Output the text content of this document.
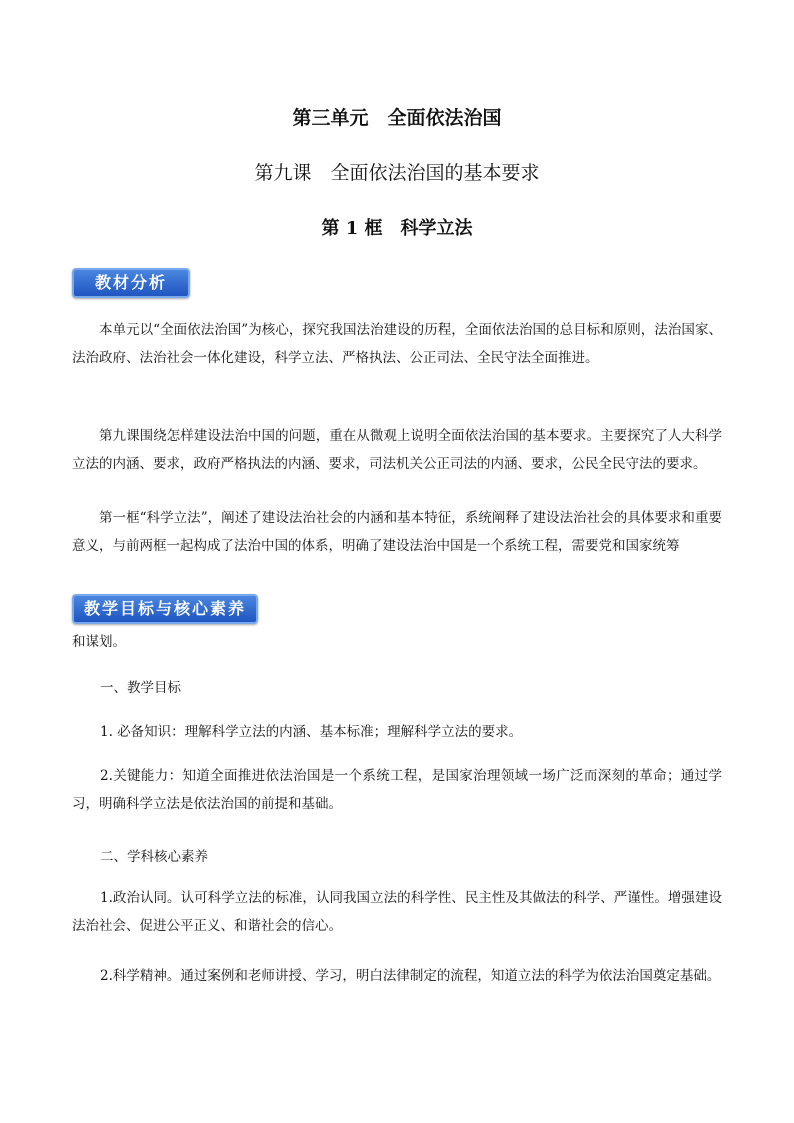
第三单元　全面依法治国
第九课　全面依法治国的基本要求
第 1 框　科学立法
教材分析

本单元以“全面依法治国”为核心，探究我国法治建设的历程，全面依法治国的总目标和原则，法治国家、法治政府、法治社会一体化建设，科学立法、严格执法、公正司法、全民守法全面推进。

第九课围绕怎样建设法治中国的问题，重在从微观上说明全面依法治国的基本要求。主要探究了人大科学立法的内涵、要求，政府严格执法的内涵、要求，司法机关公正司法的内涵、要求，公民全民守法的要求。

第一框“科学立法”，阐述了建设法治社会的内涵和基本特征，系统阐释了建设法治社会的具体要求和重要意义，与前两框一起构成了法治中国的体系，明确了建设法治中国是一个系统工程，需要党和国家统筹

教学目标与核心素养

和谋划。

一、教学目标

1. 必备知识：理解科学立法的内涵、基本标准；理解科学立法的要求。

2.关键能力：知道全面推进依法治国是一个系统工程，是国家治理领域一场广泛而深刻的革命；通过学习，明确科学立法是依法治国的前提和基础。

二、学科核心素养

1.政治认同。认可科学立法的标准，认同我国立法的科学性、民主性及其做法的科学、严谨性。增强建设法治社会、促进公平正义、和谐社会的信心。

2.科学精神。通过案例和老师讲授、学习，明白法律制定的流程，知道立法的科学为依法治国奠定基础。
